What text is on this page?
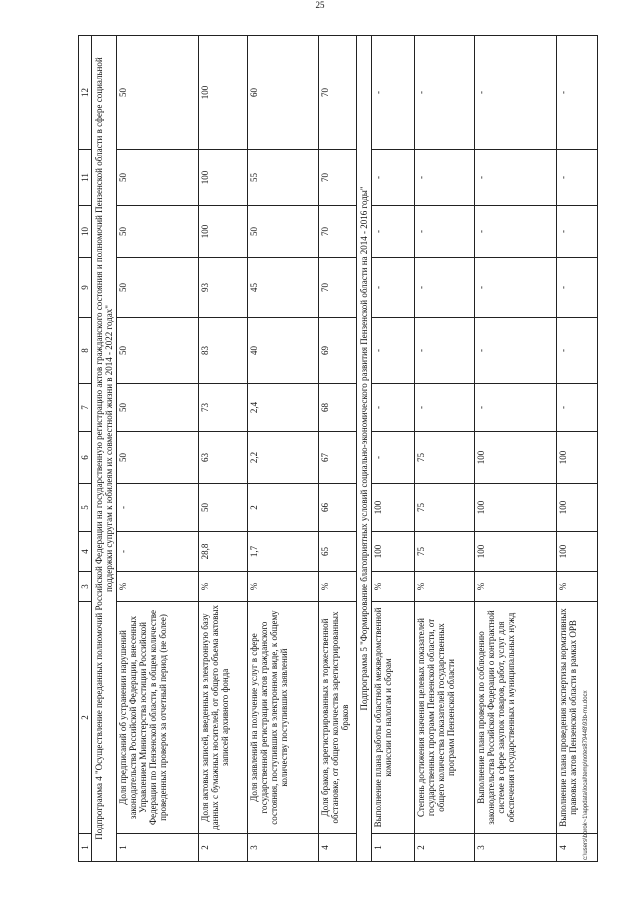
25
1	2	3	4	5	6	7	8	9	10	11	12
Подпрограмма 4 "Осуществление переданных полномочий Российской Федерации на государственную регистрацию актов гражданского состояния и полномочий Пензенской области в сфере социальной поддержки супругам к юбилеям их совместной жизни в 2014 - 2022 годах"											
1	Доля предписаний об устранении нарушений законодательства Российской Федерации, внесенных Управлением Министерства юстиции Российской Федерации по Пензенской области, в общем количестве проведенных проверок за отчетный период (не более)	%	-	-	50	50	50	50	50	50	50
2	Доля актовых записей, введенных в электронную базу данных с бумажных носителей, от общего объема актовых записей архивного фонда	%	28,8	50	63	73	83	93	100	100	100
3	Доля заявлений на получение услуг в сфере государственной регистрации актов гражданского состояния, поступивших в электронном виде, к общему количеству поступивших заявлений	%	1,7	2	2,2	2,4	40	45	50	55	60
4	Доля браков, зарегистрированных в торжественной обстановке, от общего количества зарегистрированных браков	%	65	66	67	68	69	70	70	70	70
Подпрограмма 5 "Формирование благоприятных условий социально-экономического развития Пензенской области на 2014 - 2016 годы"											
1	Выполнение плана работы областной межведомственной комиссии по налогам и сборам	%	100	100	-	-	-	-	-	-	-
2	Степень достижения значения целевых показателей государственных программ Пензенской области, от общего количества показателей государственных программ Пензенской области	%	75	75	75	-	-	-	-	-	-
3	Выполнение плана проверок по соблюдению законодательства Российской Федерации о контрактной системе в сфере закупок товаров, работ, услуг для обеспечения государственных и муниципальных нужд	%	100	100	100	-	-	-	-	-	-
4	Выполнение плана проведения экспертизы нормативных правовых актов Пензенской области в рамках ОРВ	%	100	100	100	-	-	-	-	-	-
c:\users\borok~1\appdata\local\temp\notes879448\93b-mu.docx
